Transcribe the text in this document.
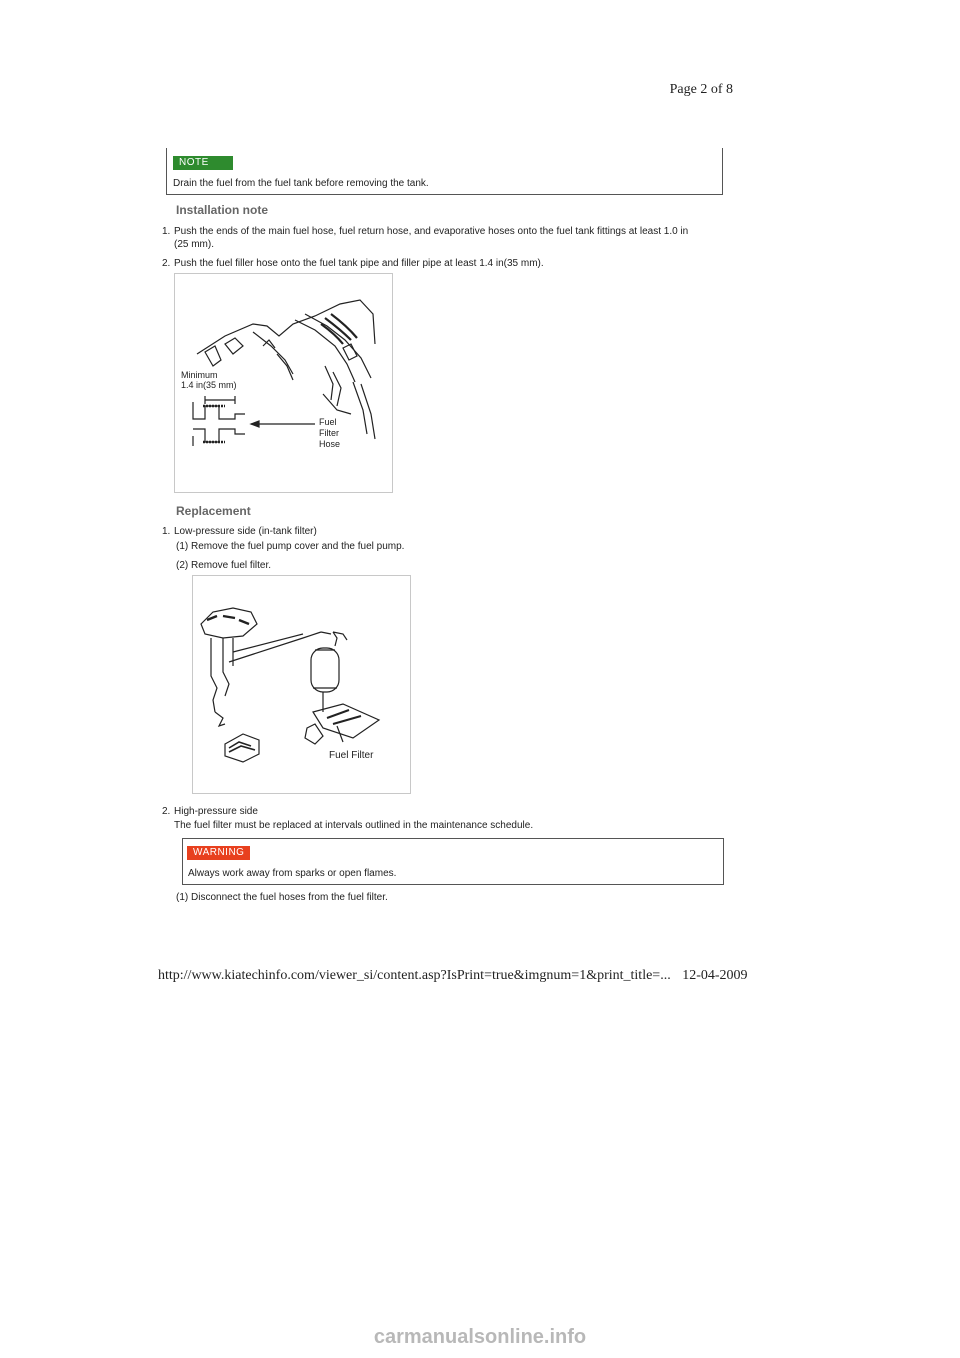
Page 2 of 8
NOTE
Drain the fuel from the fuel tank before removing the tank.
Installation note
1. Push the ends of the main fuel hose, fuel return hose, and evaporative hoses onto the fuel tank fittings at least 1.0 in
(25 mm).
2. Push the fuel filler hose onto the fuel tank pipe and filler pipe at least 1.4 in(35 mm).
Minimum
1.4 in(35 mm)
Fuel
Filter
Hose
Replacement
1. Low-pressure side (in-tank filter)
(1) Remove the fuel pump cover and the fuel pump.
(2) Remove fuel filter.
Fuel Filter
2. High-pressure side
The fuel filter must be replaced at intervals outlined in the maintenance schedule.
WARNING
Always work away from sparks or open flames.
(1) Disconnect the fuel hoses from the fuel filter.
http://www.kiatechinfo.com/viewer_si/content.asp?IsPrint=true&imgnum=1&print_title=... 12-04-2009
carmanualsonline.info
